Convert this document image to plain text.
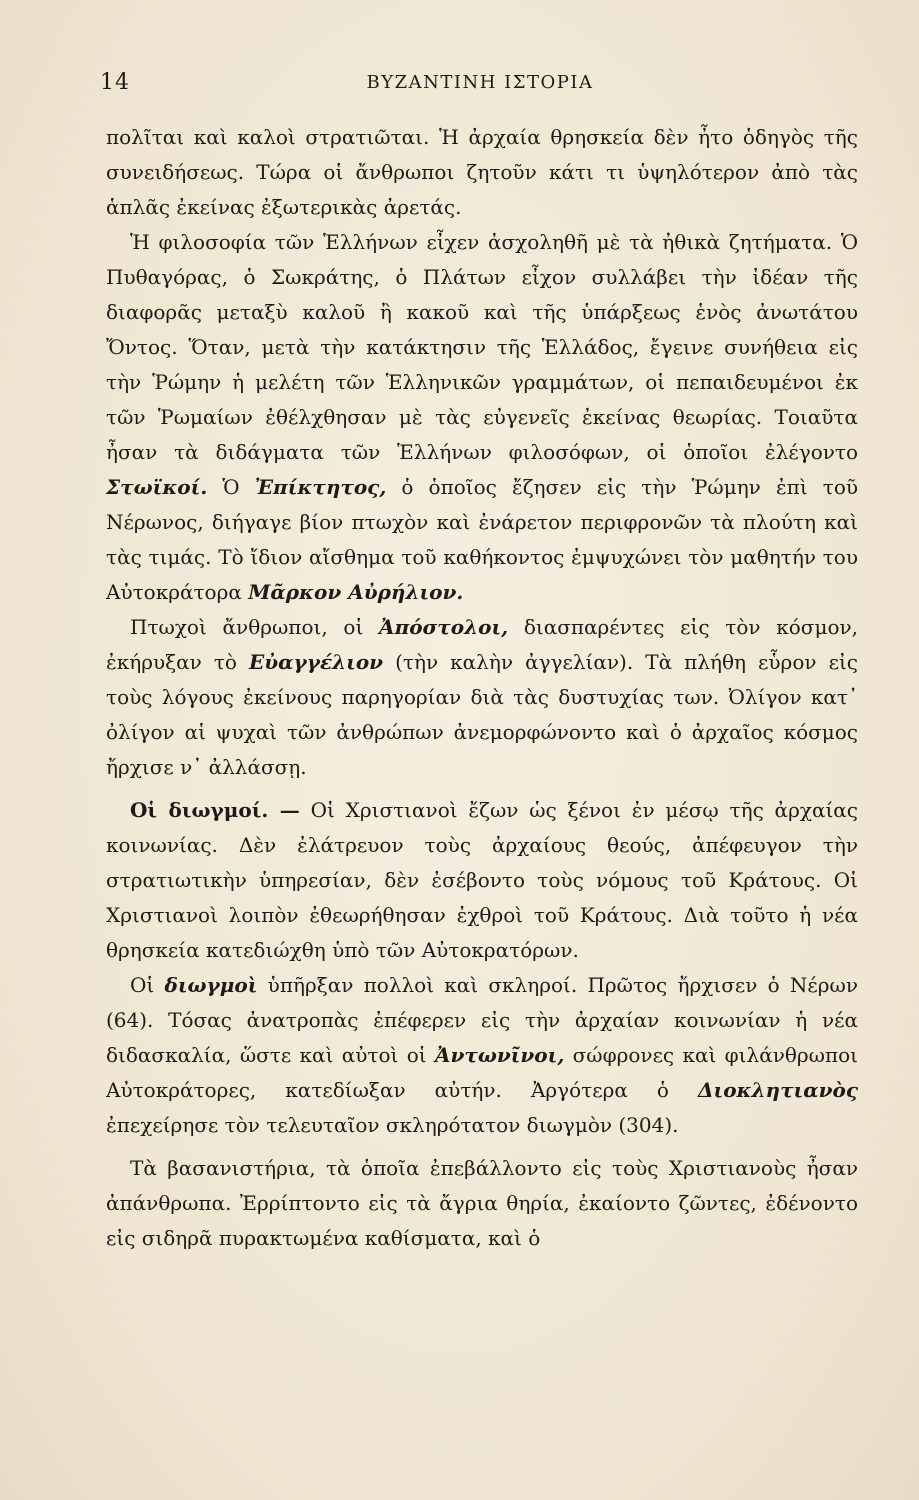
14	ΒΥΖΑΝΤΙΝΗ ΙΣΤΟΡΙΑ

πολῖται καὶ καλοὶ στρατιῶται. Ἡ ἀρχαία θρησκεία δὲν ἦτο ὁδηγὸς τῆς συνειδήσεως. Τώρα οἱ ἄνθρωποι ζητοῦν κάτι τι ὑψηλότερον ἀπὸ τὰς ἁπλᾶς ἐκείνας ἐξωτερικὰς ἀρετάς.

Ἡ φιλοσοφία τῶν Ἑλλήνων εἶχεν ἀσχοληθῆ μὲ τὰ ἠθικὰ ζητήματα. Ὁ Πυθαγόρας, ὁ Σωκράτης, ὁ Πλάτων εἶχον συλλάβει τὴν ἰδέαν τῆς διαφορᾶς μεταξὺ καλοῦ ἢ κακοῦ καὶ τῆς ὑπάρξεως ἑνὸς ἀνωτάτου Ὄντος. Ὅταν, μετὰ τὴν κατάκτησιν τῆς Ἑλλάδος, ἔγεινε συνήθεια εἰς τὴν Ῥώμην ἡ μελέτη τῶν Ἑλληνικῶν γραμμάτων, οἱ πεπαιδευμένοι ἐκ τῶν Ῥωμαίων ἐθέλχθησαν μὲ τὰς εὐγενεῖς ἐκείνας θεωρίας. Τοιαῦτα ἦσαν τὰ διδάγματα τῶν Ἑλλήνων φιλοσόφων, οἱ ὁποῖοι ἐλέγοντο Στωϊκοί. Ὁ Ἐπίκτητος, ὁ ὁποῖος ἔζησεν εἰς τὴν Ῥώμην ἐπὶ τοῦ Νέρωνος, διήγαγε βίον πτωχὸν καὶ ἐνάρετον περιφρονῶν τὰ πλούτη καὶ τὰς τιμάς. Τὸ ἴδιον αἴσθημα τοῦ καθήκοντος ἐμψυχώνει τὸν μαθητήν του Αὐτοκράτορα Μᾶρκον Αὐρήλιον.

Πτωχοὶ ἄνθρωποι, οἱ Ἀπόστολοι, διασπαρέντες εἰς τὸν κόσμον, ἐκήρυξαν τὸ Εὐαγγέλιον (τὴν καλὴν ἀγγελίαν). Τὰ πλήθη εὗρον εἰς τοὺς λόγους ἐκείνους παρηγορίαν διὰ τὰς δυστυχίας των. Ὀλίγον κατ᾽ ὀλίγον αἱ ψυχαὶ τῶν ἀνθρώπων ἀνεμορφώνοντο καὶ ὁ ἀρχαῖος κόσμος ἤρχισε ν᾽ ἀλλάσσῃ.

Οἱ διωγμοί. — Οἱ Χριστιανοὶ ἔζων ὡς ξένοι ἐν μέσῳ τῆς ἀρχαίας κοινωνίας. Δὲν ἐλάτρευον τοὺς ἀρχαίους θεούς, ἀπέφευγον τὴν στρατιωτικὴν ὑπηρεσίαν, δὲν ἐσέβοντο τοὺς νόμους τοῦ Κράτους. Οἱ Χριστιανοὶ λοιπὸν ἐθεωρήθησαν ἐχθροὶ τοῦ Κράτους. Διὰ τοῦτο ἡ νέα θρησκεία κατεδιώχθη ὑπὸ τῶν Αὐτοκρατόρων.

Οἱ διωγμοὶ ὑπῆρξαν πολλοὶ καὶ σκληροί. Πρῶτος ἤρχισεν ὁ Νέρων (64). Τόσας ἀνατροπὰς ἐπέφερεν εἰς τὴν ἀρχαίαν κοινωνίαν ἡ νέα διδασκαλία, ὥστε καὶ αὐτοὶ οἱ Ἀντωνῖνοι, σώφρονες καὶ φιλάνθρωποι Αὐτοκράτορες, κατεδίωξαν αὐτήν. Ἀργότερα ὁ Διοκλητιανὸς ἐπεχείρησε τὸν τελευταῖον σκληρότατον διωγμὸν (304).

Τὰ βασανιστήρια, τὰ ὁποῖα ἐπεβάλλοντο εἰς τοὺς Χριστιανοὺς ἦσαν ἀπάνθρωπα. Ἐρρίπτοντο εἰς τὰ ἄγρια θηρία, ἐκαίοντο ζῶντες, ἐδένοντο εἰς σιδηρᾶ πυρακτωμένα καθίσματα, καὶ ὁ
